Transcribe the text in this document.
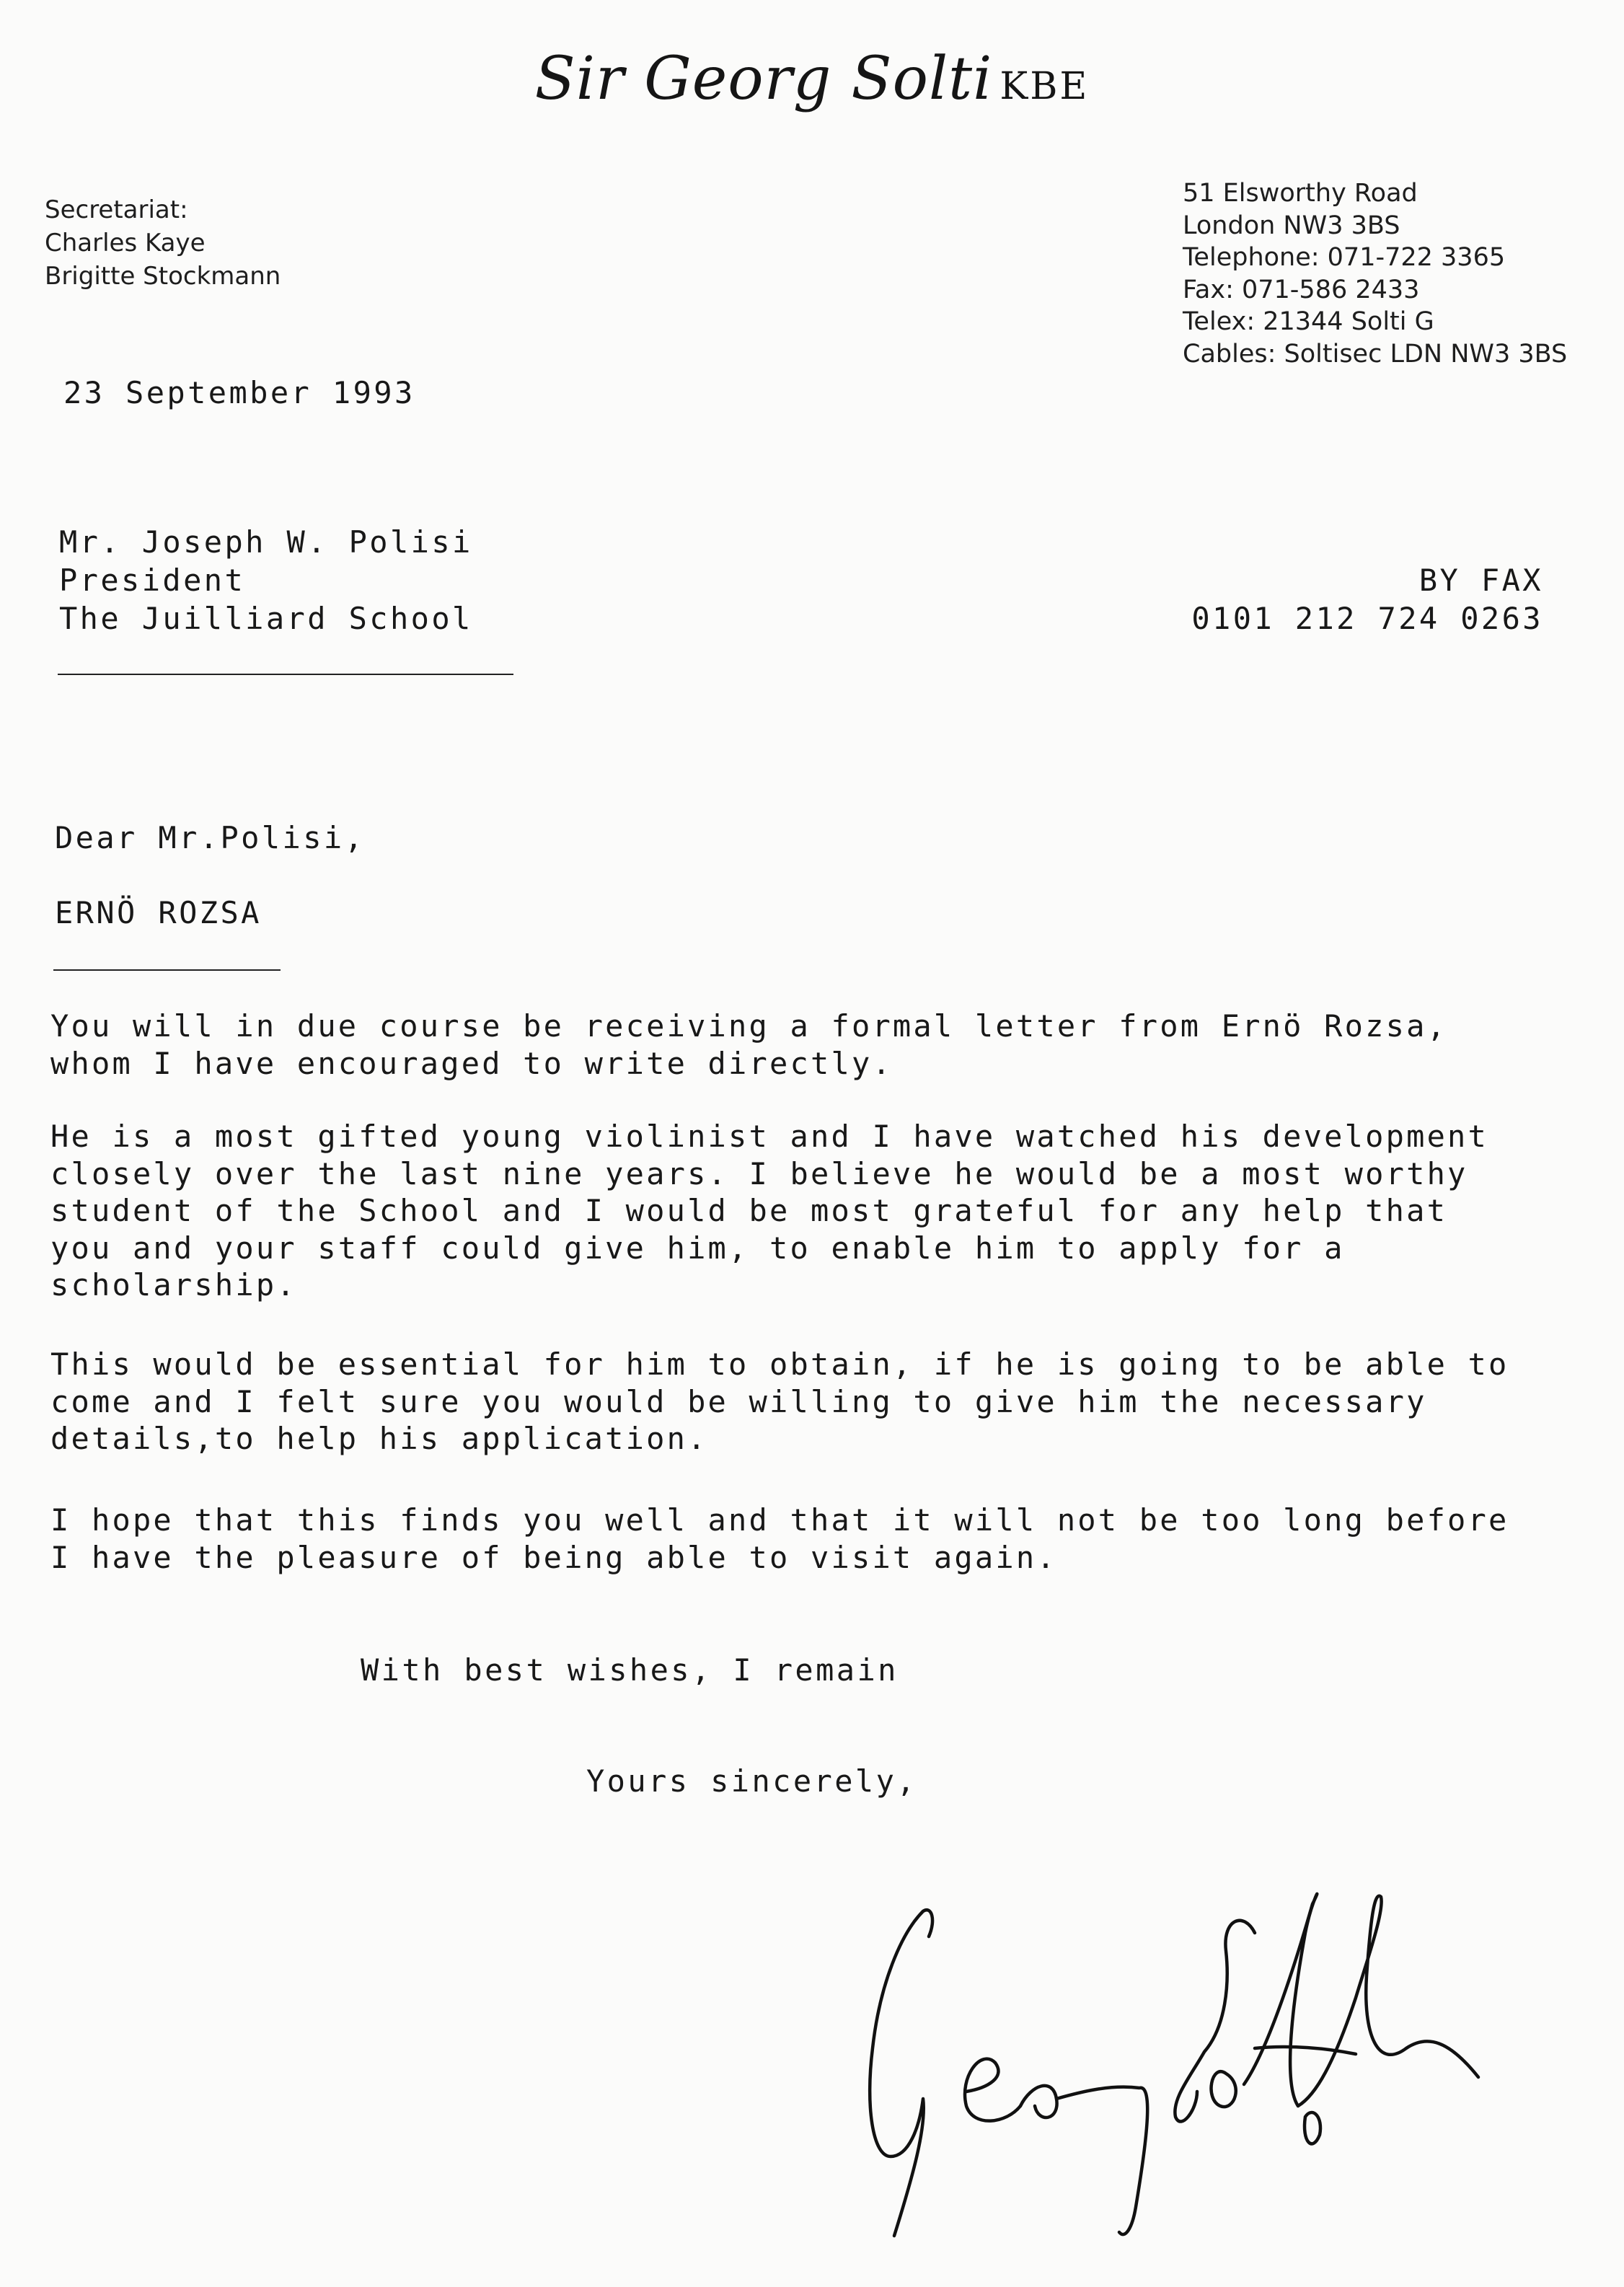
Sir Georg Solti KBE
Secretariat:
Charles Kaye
Brigitte Stockmann
51 Elsworthy Road
London NW3 3BS
Telephone: 071-722 3365
Fax: 071-586 2433
Telex: 21344 Solti G
Cables: Soltisec LDN NW3 3BS
23 September 1993
Mr. Joseph W. Polisi
President
The Juilliard School
BY FAX
0101 212 724 0263
Dear Mr.Polisi,
ERNÖ ROZSA
You will in due course be receiving a formal letter from Ernö Rozsa,
whom I have encouraged to write directly.
He is a most gifted young violinist and I have watched his development
closely over the last nine years. I believe he would be a most worthy
student of the School and I would be most grateful for any help that
you and your staff could give him, to enable him to apply for a
scholarship.
This would be essential for him to obtain, if he is going to be able to
come and I felt sure you would be willing to give him the necessary
details,to help his application.
I hope that this finds you well and that it will not be too long before
I have the pleasure of being able to visit again.
With best wishes, I remain
Yours sincerely,
